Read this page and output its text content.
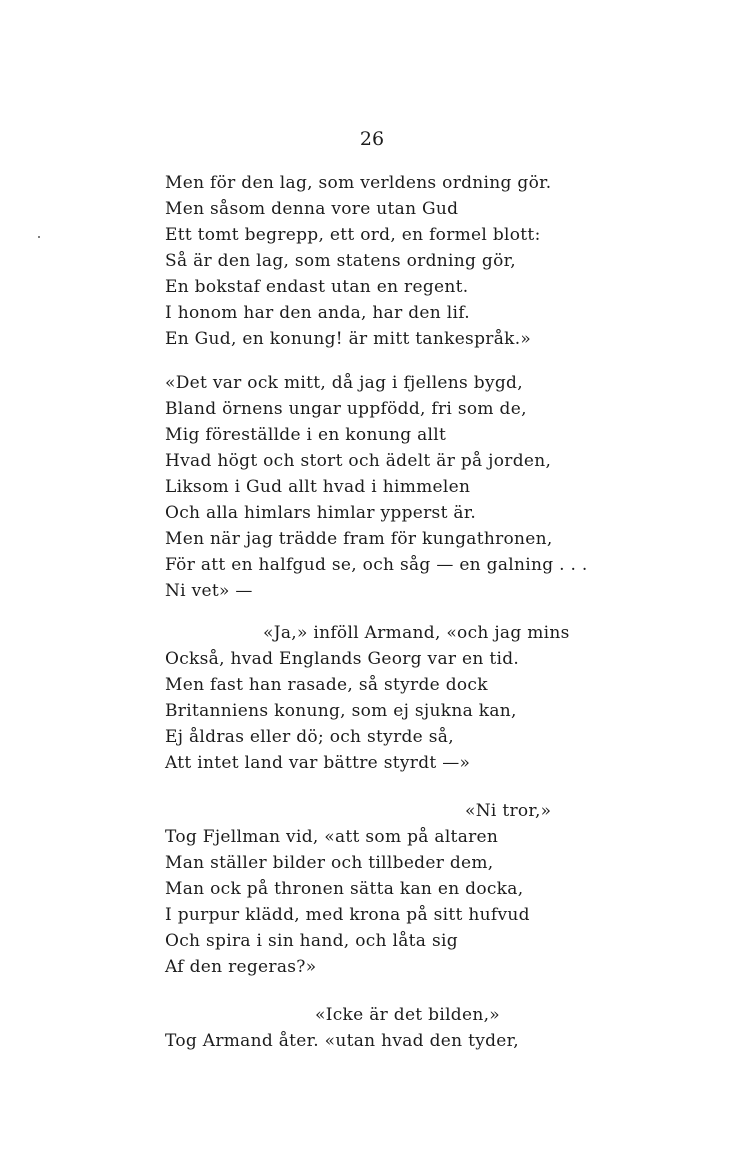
26
Men för den lag, som verldens ordning gör.
Men såsom denna vore utan Gud
Ett tomt begrepp, ett ord, en formel blott:
Så är den lag, som statens ordning gör,
En bokstaf endast utan en regent.
I honom har den anda, har den lif.
En Gud, en konung! är mitt tankespråk.»
«Det var ock mitt, då jag i fjellens bygd,
Bland örnens ungar uppfödd, fri som de,
Mig föreställde i en konung allt
Hvad högt och stort och ädelt är på jorden,
Liksom i Gud allt hvad i himmelen
Och alla himlars himlar ypperst är.
Men när jag trädde fram för kungathronen,
För att en halfgud se, och såg — en galning . . .
Ni vet» —
«Ja,» inföll Armand, «och jag mins
Också, hvad Englands Georg var en tid.
Men fast han rasade, så styrde dock
Britanniens konung, som ej sjukna kan,
Ej åldras eller dö; och styrde så,
Att intet land var bättre styrdt —»
«Ni tror,»
Tog Fjellman vid, «att som på altaren
Man ställer bilder och tillbeder dem,
Man ock på thronen sätta kan en docka,
I purpur klädd, med krona på sitt hufvud
Och spira i sin hand, och låta sig
Af den regeras?»
«Icke är det bilden,»
Tog Armand åter. «utan hvad den tyder,
